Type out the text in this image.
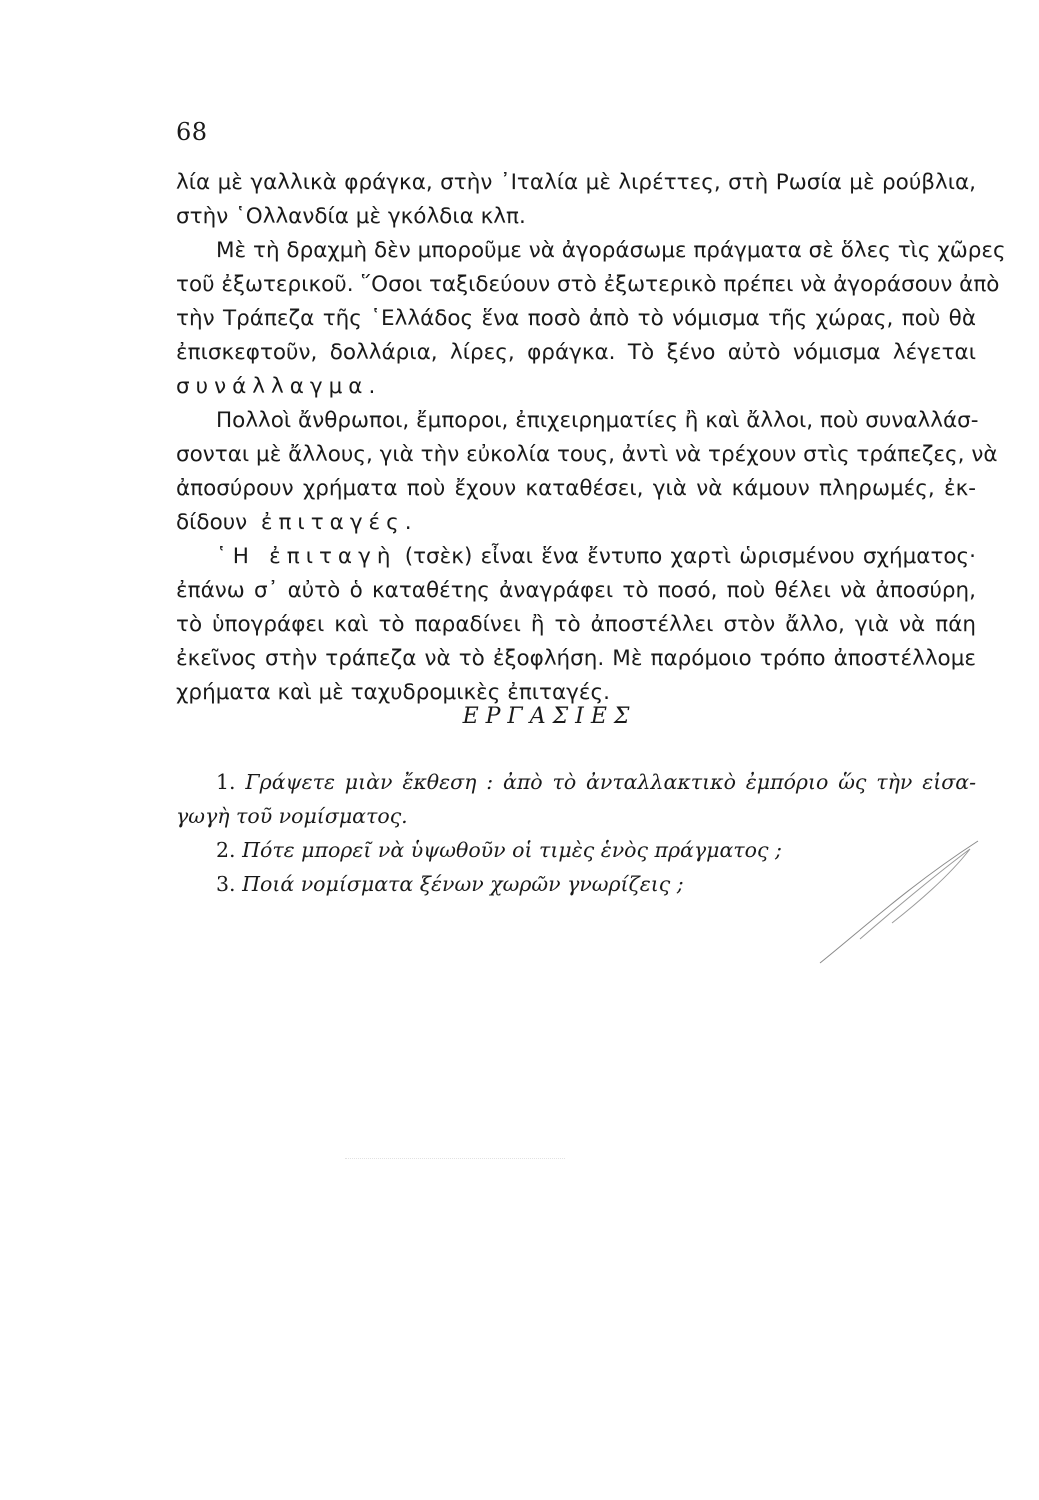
68
λία μὲ γαλλικὰ φράγκα, στὴν ᾿Ιταλία μὲ λιρέττες, στὴ Ρωσία μὲ ρούβλια,
στὴν ῾Ολλανδία μὲ γκόλδια κλπ.
Μὲ τὴ δραχμὴ δὲν μποροῦμε νὰ ἀγοράσωμε πράγματα σὲ ὅλες τὶς χῶρες
τοῦ ἐξωτερικοῦ. ῞Οσοι ταξιδεύουν στὸ ἐξωτερικὸ πρέπει νὰ ἀγοράσουν ἀπὸ
τὴν Τράπεζα τῆς ῾Ελλάδος ἕνα ποσὸ ἀπὸ τὸ νόμισμα τῆς χώρας, ποὺ θὰ
ἐπισκεφτοῦν, δολλάρια, λίρες, φράγκα. Τὸ ξένο αὐτὸ νόμισμα λέγεται
συνάλλαγμα.
Πολλοὶ ἄνθρωποι, ἔμποροι, ἐπιχειρηματίες ἢ καὶ ἄλλοι, ποὺ συναλλάσ-
σονται μὲ ἄλλους, γιὰ τὴν εὐκολία τους, ἀντὶ νὰ τρέχουν στὶς τράπεζες, νὰ
ἀποσύρουν χρήματα ποὺ ἔχουν καταθέσει, γιὰ νὰ κάμουν πληρωμές, ἐκ-
δίδουν ἐπιταγές.
῾Η ἐπιταγὴ (τσὲκ) εἶναι ἕνα ἔντυπο χαρτὶ ὡρισμένου σχήματος·
ἐπάνω σ᾿ αὐτὸ ὁ καταθέτης ἀναγράφει τὸ ποσό, ποὺ θέλει νὰ ἀποσύρη,
τὸ ὑπογράφει καὶ τὸ παραδίνει ἢ τὸ ἀποστέλλει στὸν ἄλλο, γιὰ νὰ πάη
ἐκεῖνος στὴν τράπεζα νὰ τὸ ἐξοφλήση. Μὲ παρόμοιο τρόπο ἀποστέλλομε
χρήματα καὶ μὲ ταχυδρομικὲς ἐπιταγές.
ΕΡΓΑΣΙΕΣ
1. Γράψετε μιὰν ἔκθεση : ἀπὸ τὸ ἀνταλλακτικὸ ἐμπόριο ὥς τὴν εἰσα-
γωγὴ τοῦ νομίσματος.
2. Πότε μπορεῖ νὰ ὑψωθοῦν οἱ τιμὲς ἑνὸς πράγματος ;
3. Ποιά νομίσματα ξένων χωρῶν γνωρίζεις ;
